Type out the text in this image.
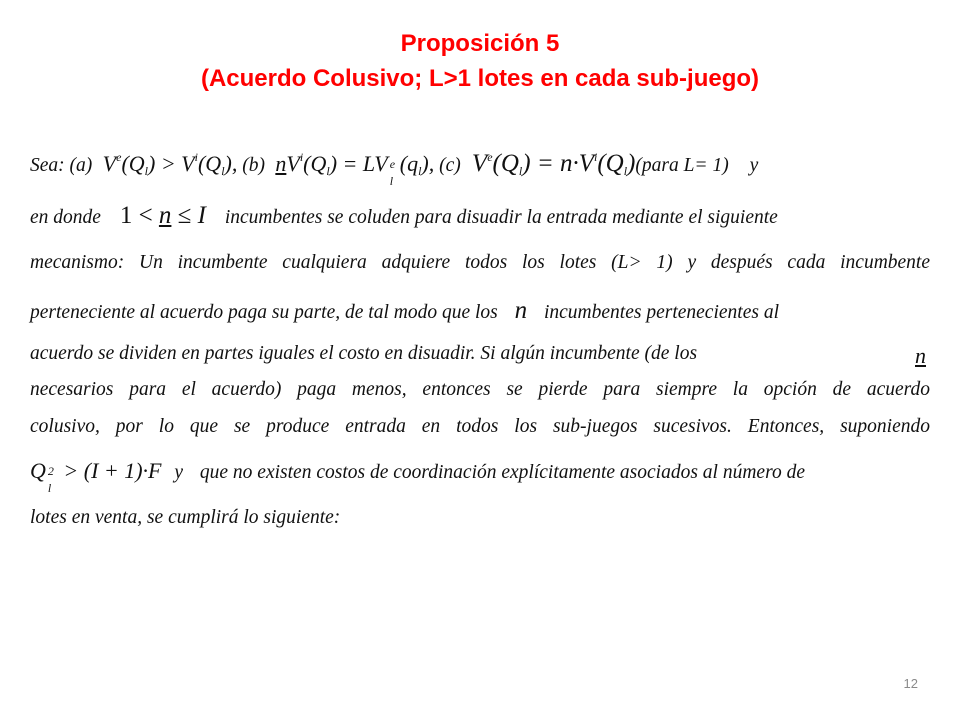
Proposición 5
(Acuerdo Colusivo; L>1 lotes en cada sub-juego)
Sea: (a)  $V^e(Q_l) > V^i(Q_l)$, (b) $nV^i(Q_l)$ = LV e
l
$(q_l)$, (c)  $V^e(Q_l)$ = $n\cdot V^i(Q_l)(para$ L= 1) y
en donde 1 < n ≤ I incumbentes se coluden para disuadir la entrada mediante el siguiente
mecanismo: Un incumbente cualquiera adquiere todos los lotes (L> 1) y después cada incumbente
perteneciente al acuerdo paga su parte, de tal modo que los n incumbentes pertenecientes al
acuerdo se dividen en partes iguales el costo en disuadir. Si algún incumbente (de los	n
necesarios para el acuerdo) paga menos, entonces se pierde para siempre la opción de acuerdo
colusivo, por lo que se produce entrada en todos los sub-juegos sucesivos. Entonces, suponiendo
Q 2
l
> (I + 1)·F y que no existen costos de coordinación explícitamente asociados al número de
lotes en venta, se cumplirá lo siguiente:
12
